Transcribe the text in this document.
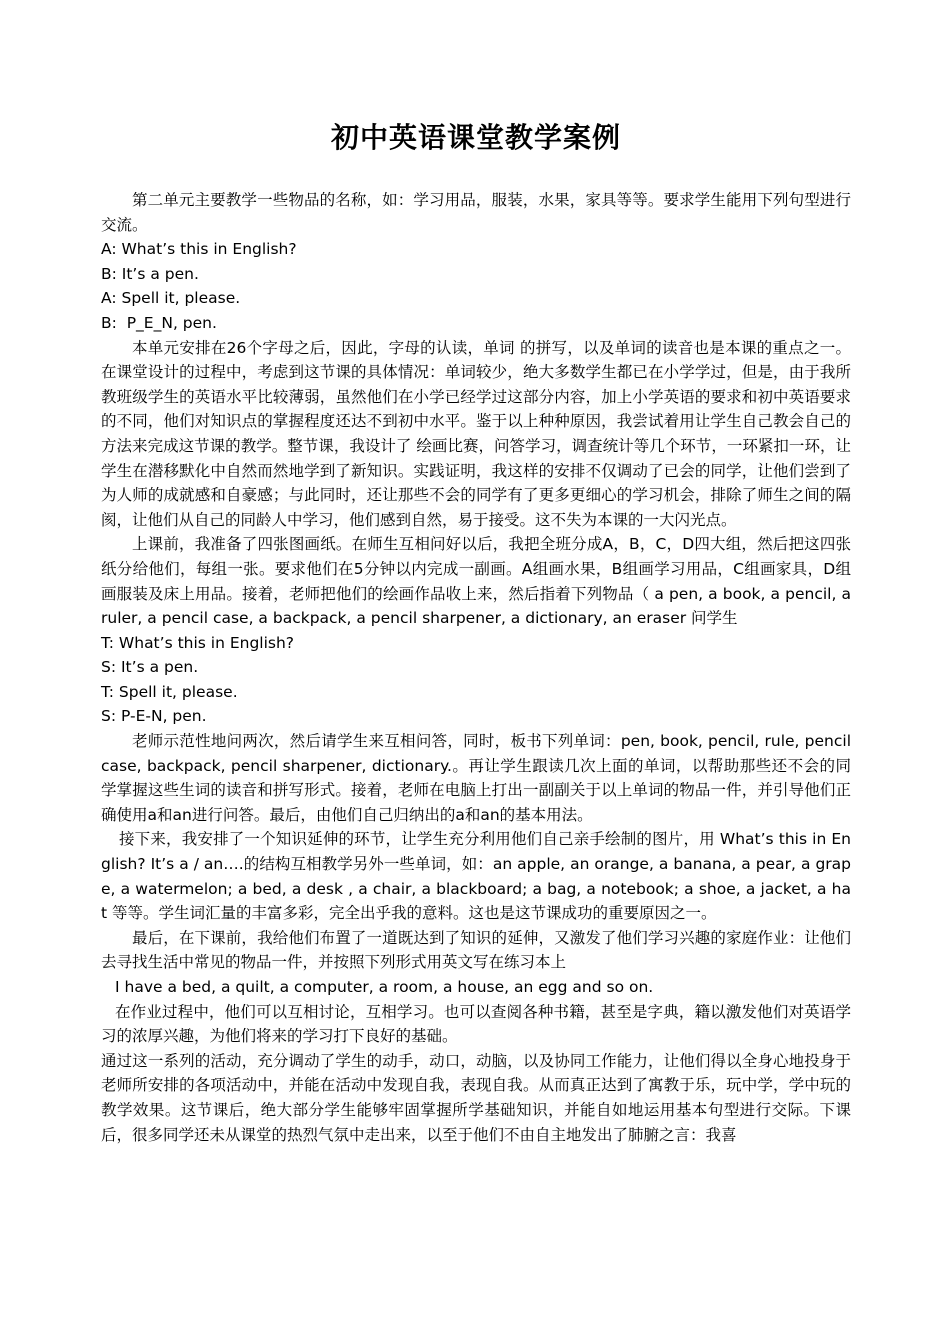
初中英语课堂教学案例

第二单元主要教学一些物品的名称，如：学习用品，服装，水果，家具等等。要求学生能用下列句型进行交流。

A: What’s this in English?

B: It’s a pen.

A: Spell it, please.

B:  P_E_N, pen.

本单元安排在26个字母之后，因此，字母的认读，单词 的拼写，以及单词的读音也是本课的重点之一。在课堂设计的过程中，考虑到这节课的具体情况：单词较少，绝大多数学生都已在小学学过，但是，由于我所教班级学生的英语水平比较薄弱，虽然他们在小学已经学过这部分内容，加上小学英语的要求和初中英语要求的不同，他们对知识点的掌握程度还达不到初中水平。鉴于以上种种原因，我尝试着用让学生自己教会自己的方法来完成这节课的教学。整节课，我设计了 绘画比赛，问答学习，调查统计等几个环节，一环紧扣一环，让学生在潜移默化中自然而然地学到了新知识。实践证明，我这样的安排不仅调动了已会的同学，让他们尝到了为人师的成就感和自豪感；与此同时，还让那些不会的同学有了更多更细心的学习机会，排除了师生之间的隔阂，让他们从自己的同龄人中学习，他们感到自然，易于接受。这不失为本课的一大闪光点。

上课前，我准备了四张图画纸。在师生互相问好以后，我把全班分成A，B，C，D四大组，然后把这四张纸分给他们，每组一张。要求他们在5分钟以内完成一副画。A组画水果，B组画学习用品，C组画家具，D组画服装及床上用品。接着，老师把他们的绘画作品收上来，然后指着下列物品（ a pen, a book, a pencil, a ruler, a pencil case, a backpack, a pencil sharpener, a dictionary, an eraser 问学生

T: What’s this in English?

S: It’s a pen.

T: Spell it, please.

S: P-E-N, pen.

老师示范性地问两次，然后请学生来互相问答，同时，板书下列单词：pen, book, pencil, rule, pencil case, backpack, pencil sharpener, dictionary.。再让学生跟读几次上面的单词，以帮助那些还不会的同学掌握这些生词的读音和拼写形式。接着，老师在电脑上打出一副副关于以上单词的物品一件，并引导他们正确使用a和an进行问答。最后，由他们自己归纳出的a和an的基本用法。

接下来，我安排了一个知识延伸的环节，让学生充分利用他们自己亲手绘制的图片，用 What’s this in English? It’s a / an….的结构互相教学另外一些单词，如：an apple, an orange, a banana, a pear, a grape, a watermelon; a bed, a desk , a chair, a blackboard; a bag, a notebook; a shoe, a jacket, a hat 等等。学生词汇量的丰富多彩，完全出乎我的意料。这也是这节课成功的重要原因之一。

最后，在下课前，我给他们布置了一道既达到了知识的延伸，又激发了他们学习兴趣的家庭作业：让他们去寻找生活中常见的物品一件，并按照下列形式用英文写在练习本上

I have a bed, a quilt, a computer, a room, a house, an egg and so on.

在作业过程中，他们可以互相讨论，互相学习。也可以查阅各种书籍，甚至是字典，籍以激发他们对英语学习的浓厚兴趣，为他们将来的学习打下良好的基础。

通过这一系列的活动，充分调动了学生的动手，动口，动脑，以及协同工作能力，让他们得以全身心地投身于老师所安排的各项活动中，并能在活动中发现自我，表现自我。从而真正达到了寓教于乐，玩中学，学中玩的教学效果。这节课后，绝大部分学生能够牢固掌握所学基础知识，并能自如地运用基本句型进行交际。下课后，很多同学还未从课堂的热烈气氛中走出来，以至于他们不由自主地发出了肺腑之言：我喜
